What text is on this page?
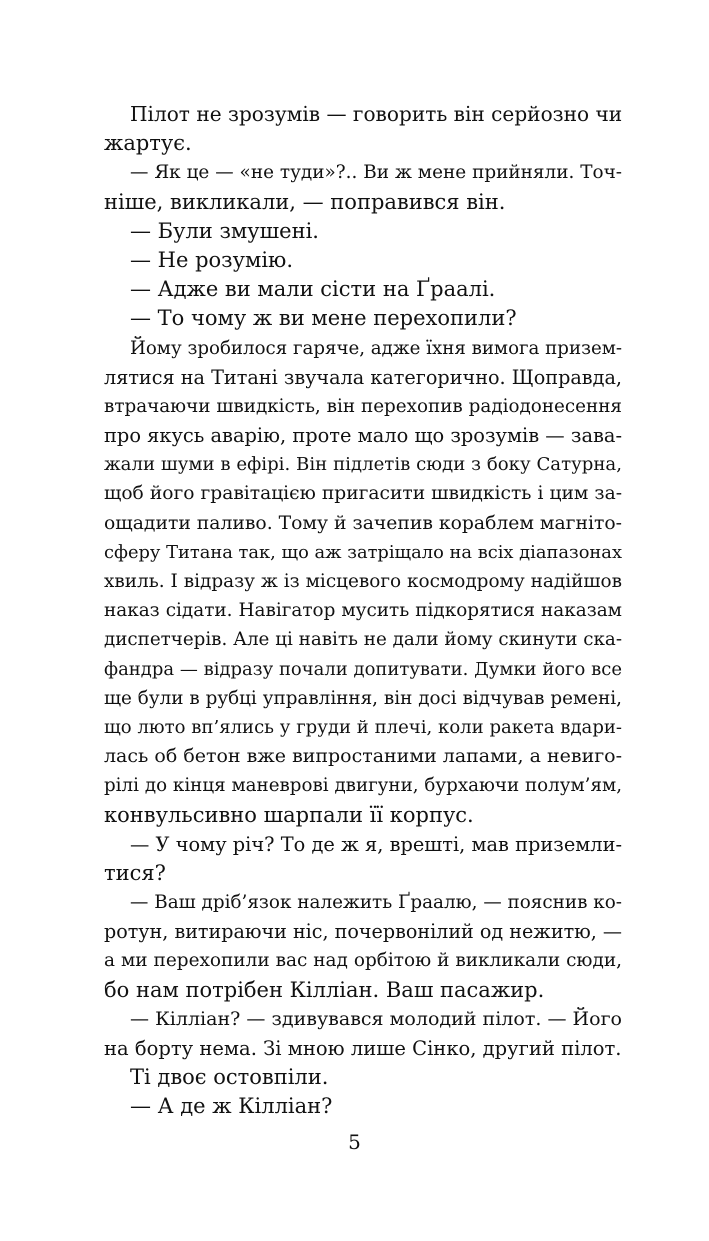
Пілот не зрозумів — говорить він серйозно чи
жартує.
— Як це — «не туди»?.. Ви ж мене прийняли. Точ-
ніше, викликали, — поправився він.
— Були змушені.
— Не розумію.
— Адже ви мали сісти на Ґраалі.
— То чому ж ви мене перехопили?
Йому зробилося гаряче, адже їхня вимога призем-
лятися на Титані звучала категорично. Щоправда,
втрачаючи швидкість, він перехопив радіодонесення
про якусь аварію, проте мало що зрозумів — зава-
жали шуми в ефірі. Він підлетів сюди з боку Сатурна,
щоб його гравітацією пригасити швидкість і цим за-
ощадити паливо. Тому й зачепив кораблем магніто-
сферу Титана так, що аж затріщало на всіх діапазонах
хвиль. І відразу ж із місцевого космодрому надійшов
наказ сідати. Навігатор мусить підкорятися наказам
диспетчерів. Але ці навіть не дали йому скинути ска-
фандра — відразу почали допитувати. Думки його все
ще були в рубці управління, він досі відчував ремені,
що люто вп’ялись у груди й плечі, коли ракета вдари-
лась об бетон вже випростаними лапами, а невиго-
рілі до кінця маневрові двигуни, бурхаючи полум’ям,
конвульсивно шарпали її корпус.
— У чому річ? То де ж я, врешті, мав приземли-
тися?
— Ваш дріб’язок належить Ґраалю, — пояснив ко-
ротун, витираючи ніс, почервонілий од нежитю, —
а ми перехопили вас над орбітою й викликали сюди,
бо нам потрібен Кілліан. Ваш пасажир.
— Кілліан? — здивувався молодий пілот. — Його
на борту нема. Зі мною лише Сінко, другий пілот.
Ті двоє остовпіли.
— А де ж Кілліан?
5
